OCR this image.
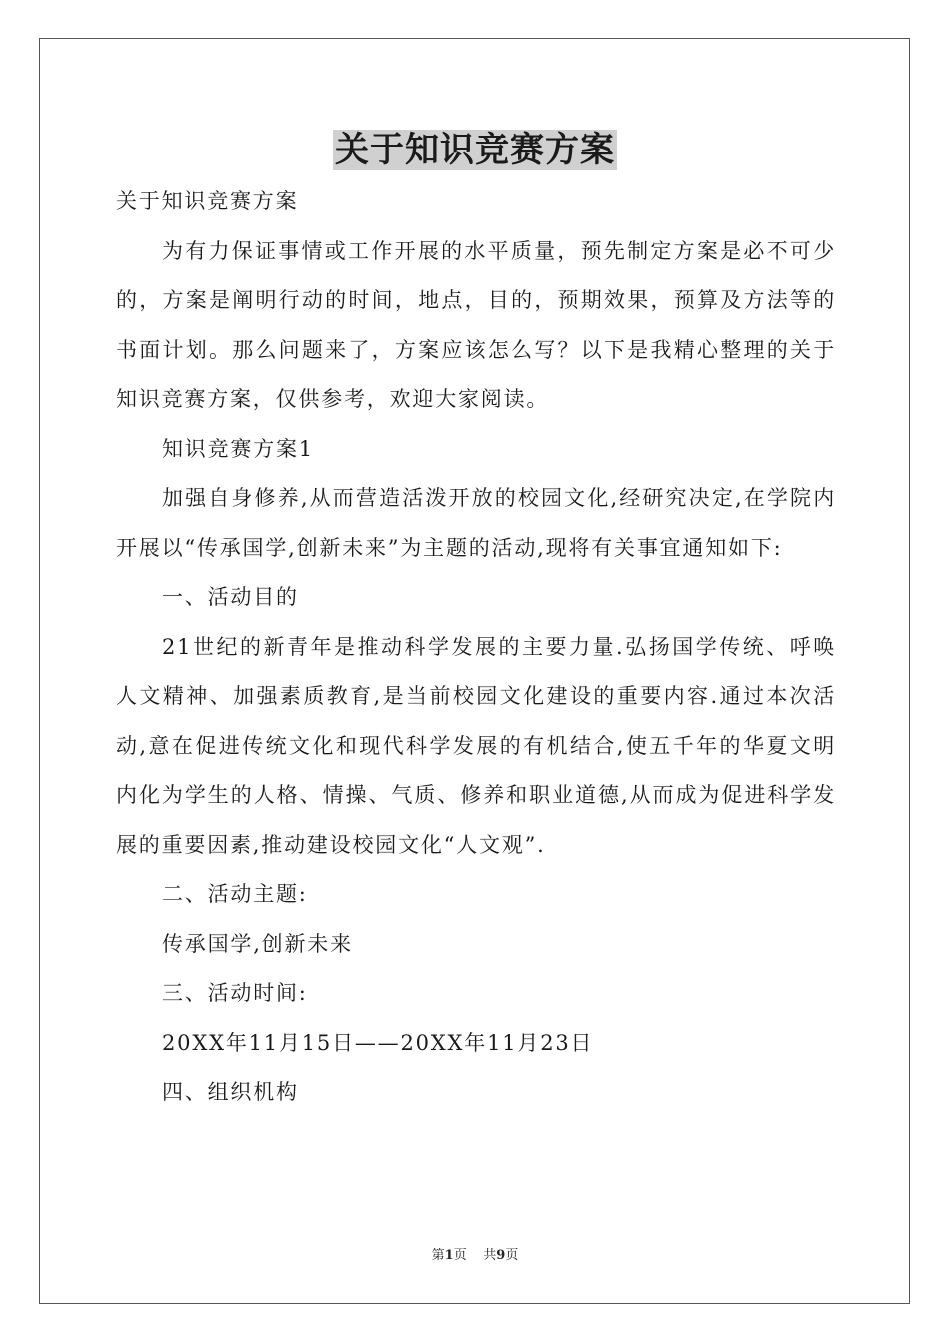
关于知识竞赛方案

关于知识竞赛方案

为有力保证事情或工作开展的水平质量，预先制定方案是必不可少的，方案是阐明行动的时间，地点，目的，预期效果，预算及方法等的书面计划。那么问题来了，方案应该怎么写？以下是我精心整理的关于知识竞赛方案，仅供参考，欢迎大家阅读。

知识竞赛方案1

加强自身修养,从而营造活泼开放的校园文化,经研究决定,在学院内开展以“传承国学,创新未来”为主题的活动,现将有关事宜通知如下:

一、活动目的

21世纪的新青年是推动科学发展的主要力量.弘扬国学传统、呼唤人文精神、加强素质教育,是当前校园文化建设的重要内容.通过本次活动,意在促进传统文化和现代科学发展的有机结合,使五千年的华夏文明内化为学生的人格、情操、气质、修养和职业道德,从而成为促进科学发展的重要因素,推动建设校园文化“人文观”.

二、活动主题:

传承国学,创新未来

三、活动时间:

20XX年11月15日——20XX年11月23日

四、组织机构

第1页 共9页
